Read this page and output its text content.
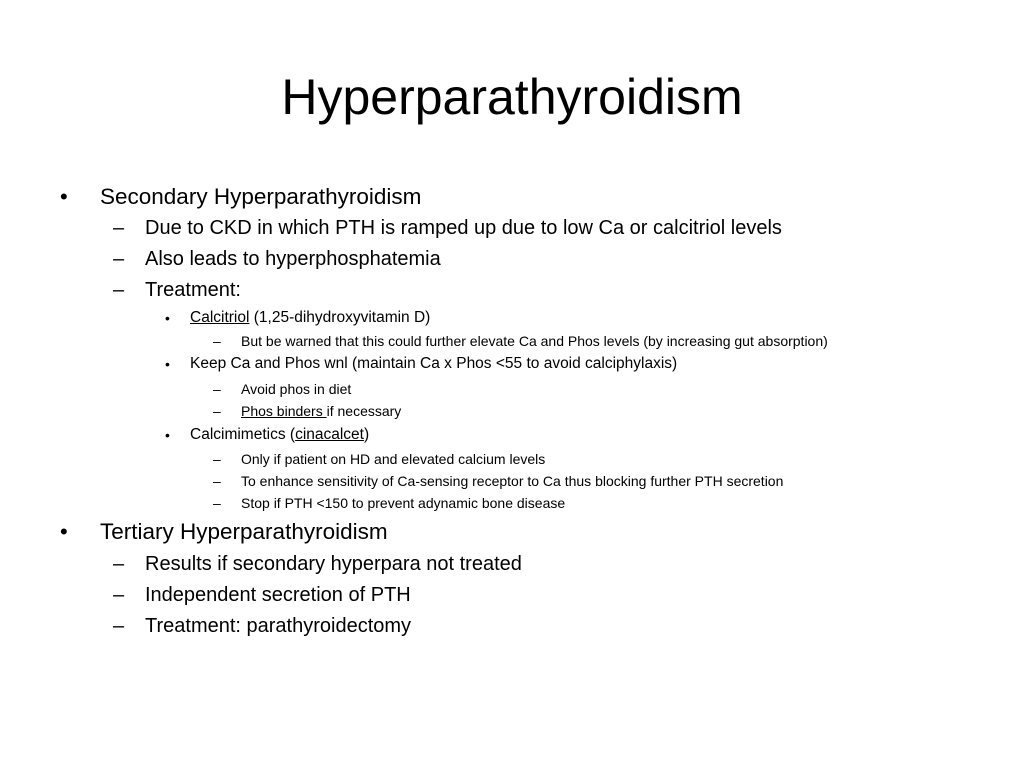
Hyperparathyroidism
• Secondary Hyperparathyroidism
– Due to CKD in which PTH is ramped up due to low Ca or calcitriol levels
– Also leads to hyperphosphatemia
– Treatment:
• Calcitriol (1,25-dihydroxyvitamin D)
– But be warned that this could further elevate Ca and Phos levels (by increasing gut absorption)
• Keep Ca and Phos wnl (maintain Ca x Phos <55 to avoid calciphylaxis)
– Avoid phos in diet
– Phos binders if necessary
• Calcimimetics (cinacalcet)
– Only if patient on HD and elevated calcium levels
– To enhance sensitivity of Ca-sensing receptor to Ca thus blocking further PTH secretion
– Stop if PTH <150 to prevent adynamic bone disease
• Tertiary Hyperparathyroidism
– Results if secondary hyperpara not treated
– Independent secretion of PTH
– Treatment: parathyroidectomy
